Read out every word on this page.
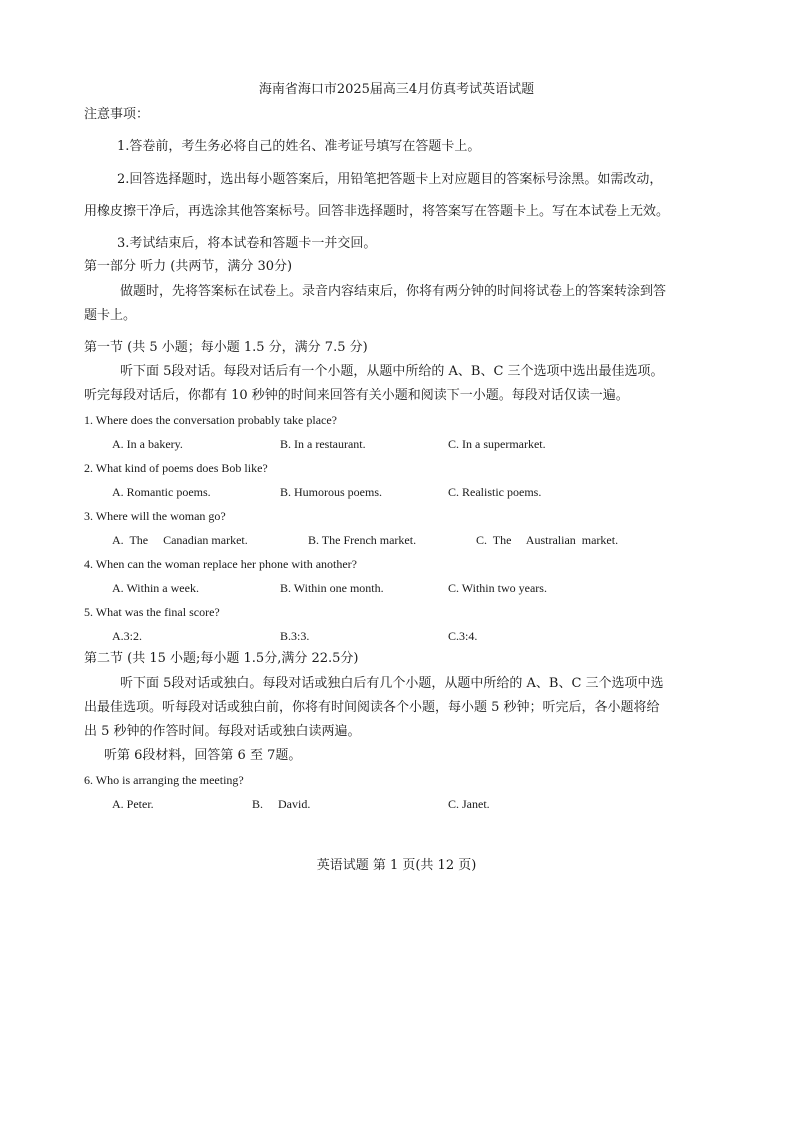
海南省海口市2025届高三4月仿真考试英语试题
注意事项：
1.答卷前，考生务必将自己的姓名、准考证号填写在答题卡上。
2.回答选择题时，选出每小题答案后，用铅笔把答题卡上对应题目的答案标号涂黑。如需改动，
用橡皮擦干净后，再选涂其他答案标号。回答非选择题时，将答案写在答题卡上。写在本试卷上无效。
3.考试结束后，将本试卷和答题卡一并交回。
第一部分 听力 (共两节，满分 30分)
做题时，先将答案标在试卷上。录音内容结束后，你将有两分钟的时间将试卷上的答案转涂到答
题卡上。
第一节 (共 5 小题；每小题 1.5 分，满分 7.5 分)
听下面 5段对话。每段对话后有一个小题，从题中所给的 A、B、C 三个选项中选出最佳选项。
听完每段对话后，你都有 10 秒钟的时间来回答有关小题和阅读下一小题。每段对话仅读一遍。
1. Where does the conversation probably take place?
A. In a bakery.	B. In a restaurant.	C. In a supermarket.
2. What kind of poems does Bob like?
A. Romantic poems.	B. Humorous poems.	C. Realistic poems.
3. Where will the woman go?
A.  The     Canadian market.	B. The French market.	C.  The     Australian  market.
4. When can the woman replace her phone with another?
A. Within a week.	B. Within one month.	C. Within two years.
5. What was the final score?
A.3:2.	B.3:3.	C.3:4.
第二节 (共 15 小题;每小题 1.5分,满分 22.5分)
听下面 5段对话或独白。每段对话或独白后有几个小题，从题中所给的 A、B、C 三个选项中选
出最佳选项。听每段对话或独白前，你将有时间阅读各个小题，每小题 5 秒钟；听完后，各小题将给
出 5 秒钟的作答时间。每段对话或独白读两遍。
听第 6段材料，回答第 6 至 7题。
6. Who is arranging the meeting?
A. Peter.	B.     David.	C. Janet.
英语试题 第 1 页(共 12 页)
